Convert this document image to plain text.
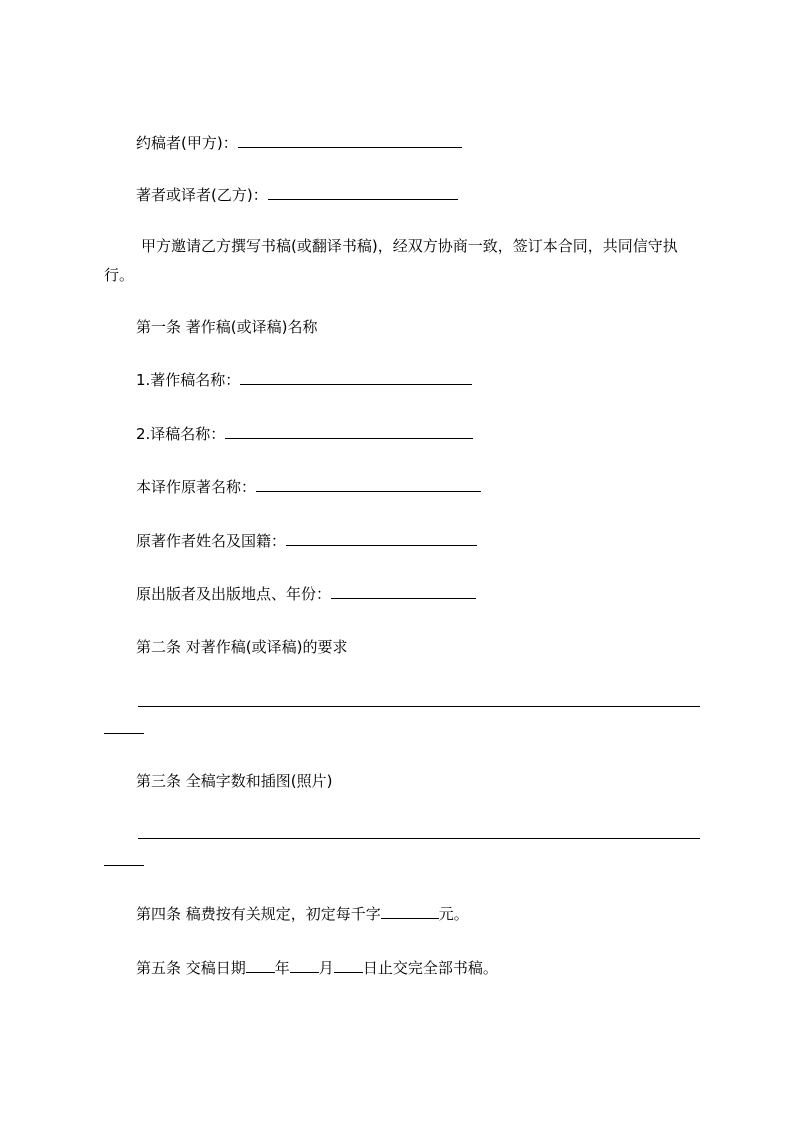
约稿者(甲方)：
著者或译者(乙方)：
甲方邀请乙方撰写书稿(或翻译书稿)，经双方协商一致，签订本合同，共同信守执行。
第一条 著作稿(或译稿)名称
1.著作稿名称：
2.译稿名称：
本译作原著名称：
原著作者姓名及国籍：
原出版者及出版地点、年份：
第二条 对著作稿(或译稿)的要求
第三条 全稿字数和插图(照片)
第四条 稿费按有关规定，初定每千字	元。
第五条 交稿日期 年 月 日止交完全部书稿。
